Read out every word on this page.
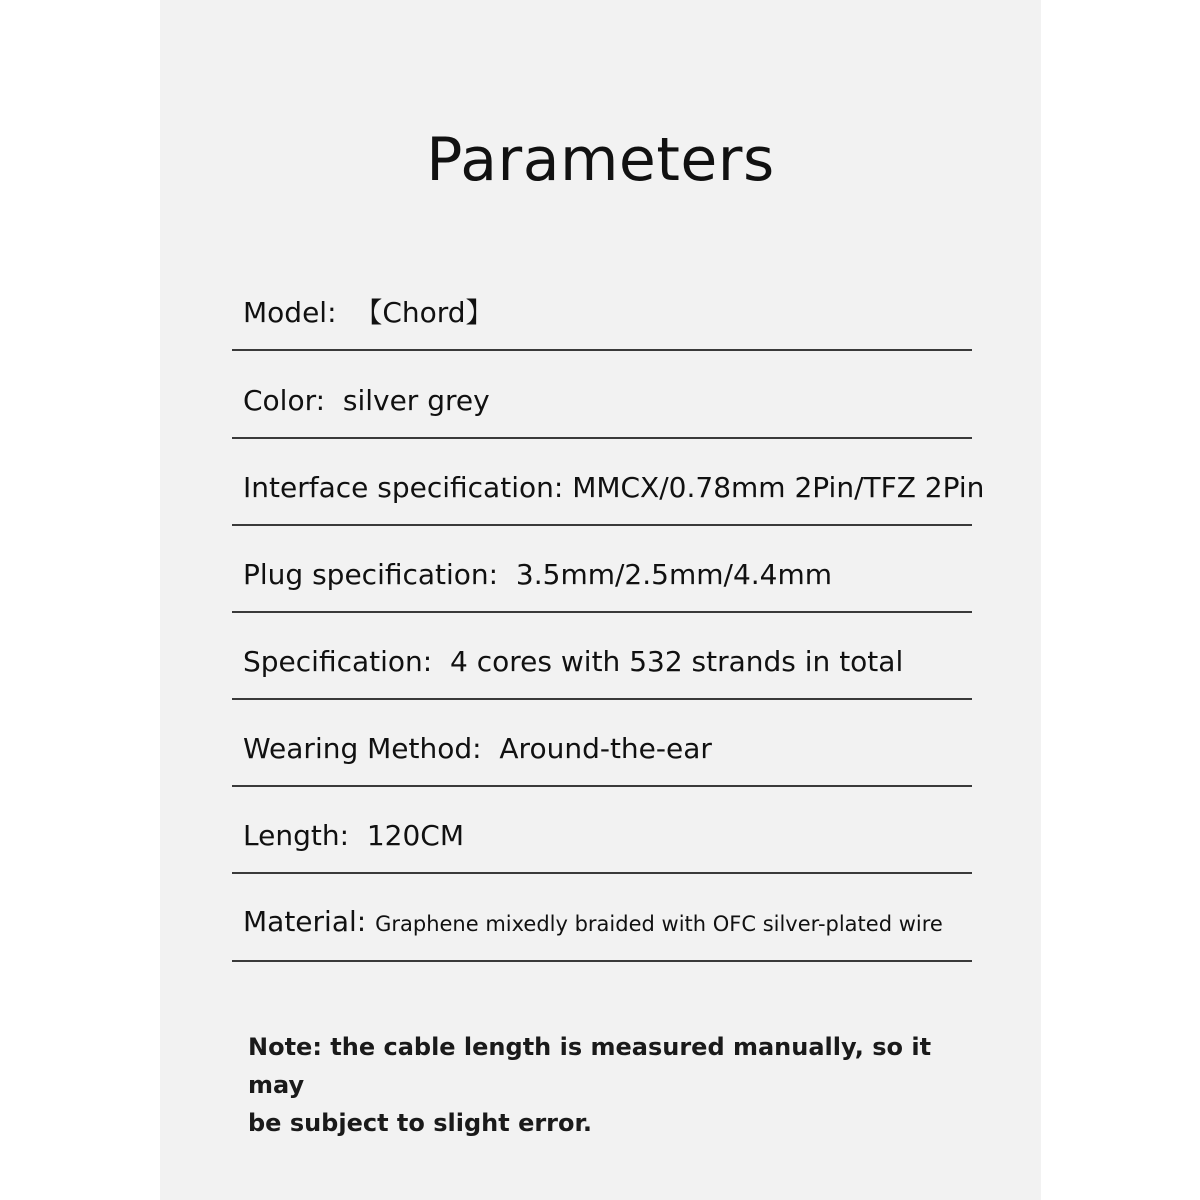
Parameters
Model: 【Chord】
Color: silver grey
Interface specification: MMCX/0.78mm 2Pin/TFZ 2Pin
Plug specification: 3.5mm/2.5mm/4.4mm
Specification: 4 cores with 532 strands in total
Wearing Method: Around-the-ear
Length: 120CM
Material: Graphene mixedly braided with OFC silver-plated wire
Note: the cable length is measured manually, so it may
be subject to slight error.
